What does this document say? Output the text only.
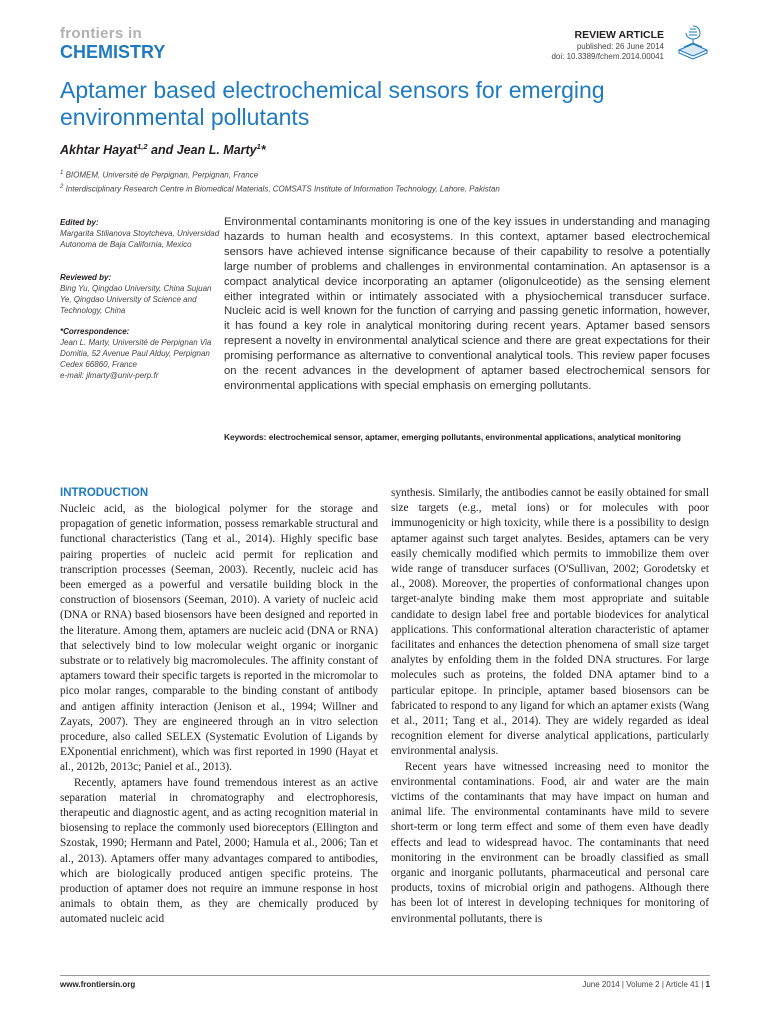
frontiers in
CHEMISTRY
REVIEW ARTICLE
published: 26 June 2014
doi: 10.3389/fchem.2014.00041
Aptamer based electrochemical sensors for emerging environmental pollutants
Akhtar Hayat$^{1,2}$ and Jean L. Marty$^1$*
$^1$ BIOMEM, Université de Perpignan, Perpignan, France
$^2$ Interdisciplinary Research Centre in Biomedical Materials, COMSATS Institute of Information Technology, Lahore, Pakistan
Edited by:
Margarita Stilianova Stoytcheva, Universidad Autonoma de Baja California, Mexico
Reviewed by:
Bing Yu, Qingdao University, China Sujuan Ye, Qingdao University of Science and Technology, China
*Correspondence:
Jean L. Marty, Université de Perpignan Via Domitia, 52 Avenue Paul Alduy, Perpignan Cedex 66860, France
e-mail: jlmarty@univ-perp.fr
Environmental contaminants monitoring is one of the key issues in understanding and managing hazards to human health and ecosystems. In this context, aptamer based electrochemical sensors have achieved intense significance because of their capability to resolve a potentially large number of problems and challenges in environmental contamination. An aptasensor is a compact analytical device incorporating an aptamer (oligonulceotide) as the sensing element either integrated within or intimately associated with a physiochemical transducer surface. Nucleic acid is well known for the function of carrying and passing genetic information, however, it has found a key role in analytical monitoring during recent years. Aptamer based sensors represent a novelty in environmental analytical science and there are great expectations for their promising performance as alternative to conventional analytical tools. This review paper focuses on the recent advances in the development of aptamer based electrochemical sensors for environmental applications with special emphasis on emerging pollutants.
Keywords: electrochemical sensor, aptamer, emerging pollutants, environmental applications, analytical monitoring
INTRODUCTION

Nucleic acid, as the biological polymer for the storage and propagation of genetic information, possess remarkable structural and functional characteristics (Tang et al., 2014). Highly specific base pairing properties of nucleic acid permit for replication and transcription processes (Seeman, 2003). Recently, nucleic acid has been emerged as a powerful and versatile building block in the construction of biosensors (Seeman, 2010). A variety of nucleic acid (DNA or RNA) based biosensors have been designed and reported in the literature. Among them, aptamers are nucleic acid (DNA or RNA) that selectively bind to low molecular weight organic or inorganic substrate or to relatively big macromolecules. The affinity constant of aptamers toward their specific targets is reported in the micromolar to pico molar ranges, comparable to the binding constant of antibody and antigen affinity interaction (Jenison et al., 1994; Willner and Zayats, 2007). They are engineered through an in vitro selection procedure, also called SELEX (Systematic Evolution of Ligands by EXponential enrichment), which was first reported in 1990 (Hayat et al., 2012b, 2013c; Paniel et al., 2013).

Recently, aptamers have found tremendous interest as an active separation material in chromatography and electrophoresis, therapeutic and diagnostic agent, and as acting recognition material in biosensing to replace the commonly used bioreceptors (Ellington and Szostak, 1990; Hermann and Patel, 2000; Hamula et al., 2006; Tan et al., 2013). Aptamers offer many advantages compared to antibodies, which are biologically produced antigen specific proteins. The production of aptamer does not require an immune response in host animals to obtain them, as they are chemically produced by automated nucleic acid

synthesis. Similarly, the antibodies cannot be easily obtained for small size targets (e.g., metal ions) or for molecules with poor immunogenicity or high toxicity, while there is a possibility to design aptamer against such target analytes. Besides, aptamers can be very easily chemically modified which permits to immobilize them over wide range of transducer surfaces (O'Sullivan, 2002; Gorodetsky et al., 2008). Moreover, the properties of conformational changes upon target-analyte binding make them most appropriate and suitable candidate to design label free and portable biodevices for analytical applications. This conformational alteration characteristic of aptamer facilitates and enhances the detection phenomena of small size target analytes by enfolding them in the folded DNA structures. For large molecules such as proteins, the folded DNA aptamer bind to a particular epitope. In principle, aptamer based biosensors can be fabricated to respond to any ligand for which an aptamer exists (Wang et al., 2011; Tang et al., 2014). They are widely regarded as ideal recognition element for diverse analytical applications, particularly environmental analysis.

Recent years have witnessed increasing need to monitor the environmental contaminations. Food, air and water are the main victims of the contaminants that may have impact on human and animal life. The environmental contaminants have mild to severe short-term or long term effect and some of them even have deadly effects and lead to widespread havoc. The contaminants that need monitoring in the environment can be broadly classified as small organic and inorganic pollutants, pharmaceutical and personal care products, toxins of microbial origin and pathogens. Although there has been lot of interest in developing techniques for monitoring of environmental pollutants, there is

www.frontiersin.org	June 2014 | Volume 2 | Article 41 | 1
